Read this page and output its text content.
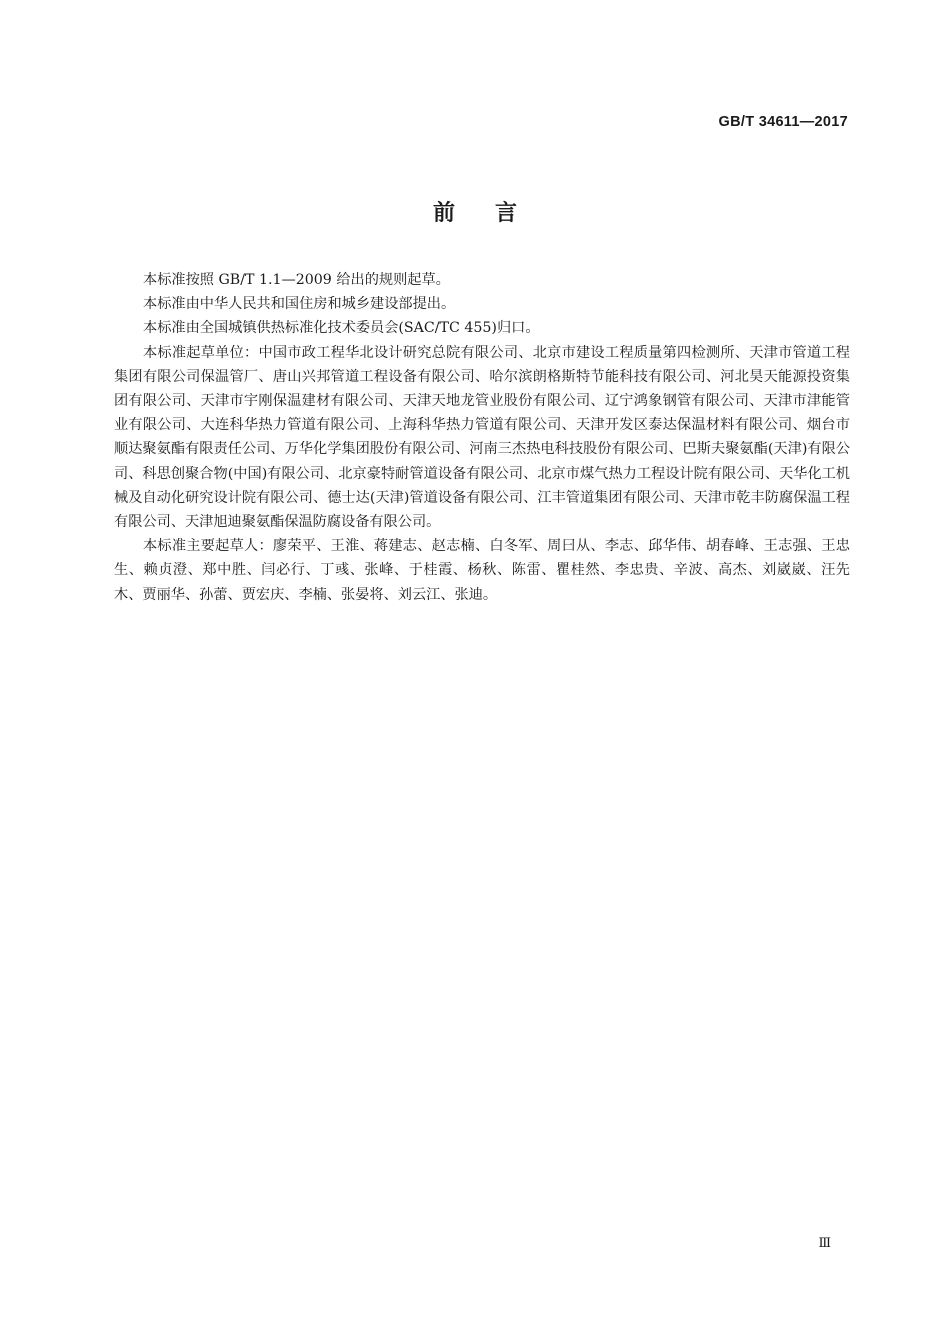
GB/T 34611—2017
前言

本标准按照 GB/T 1.1—2009 给出的规则起草。

本标准由中华人民共和国住房和城乡建设部提出。

本标准由全国城镇供热标准化技术委员会(SAC/TC 455)归口。

本标准起草单位：中国市政工程华北设计研究总院有限公司、北京市建设工程质量第四检测所、天津市管道工程集团有限公司保温管厂、唐山兴邦管道工程设备有限公司、哈尔滨朗格斯特节能科技有限公司、河北昊天能源投资集团有限公司、天津市宇刚保温建材有限公司、天津天地龙管业股份有限公司、辽宁鸿象钢管有限公司、天津市津能管业有限公司、大连科华热力管道有限公司、上海科华热力管道有限公司、天津开发区泰达保温材料有限公司、烟台市顺达聚氨酯有限责任公司、万华化学集团股份有限公司、河南三杰热电科技股份有限公司、巴斯夫聚氨酯(天津)有限公司、科思创聚合物(中国)有限公司、北京豪特耐管道设备有限公司、北京市煤气热力工程设计院有限公司、天华化工机械及自动化研究设计院有限公司、德士达(天津)管道设备有限公司、江丰管道集团有限公司、天津市乾丰防腐保温工程有限公司、天津旭迪聚氨酯保温防腐设备有限公司。

本标准主要起草人：廖荣平、王淮、蒋建志、赵志楠、白冬军、周曰从、李志、邱华伟、胡春峰、王志强、王忠生、赖贞澄、郑中胜、闫必行、丁彧、张峰、于桂霞、杨秋、陈雷、瞿桂然、李忠贵、辛波、高杰、刘崴崴、汪先木、贾丽华、孙蕾、贾宏庆、李楠、张晏将、刘云江、张迪。

Ⅲ
